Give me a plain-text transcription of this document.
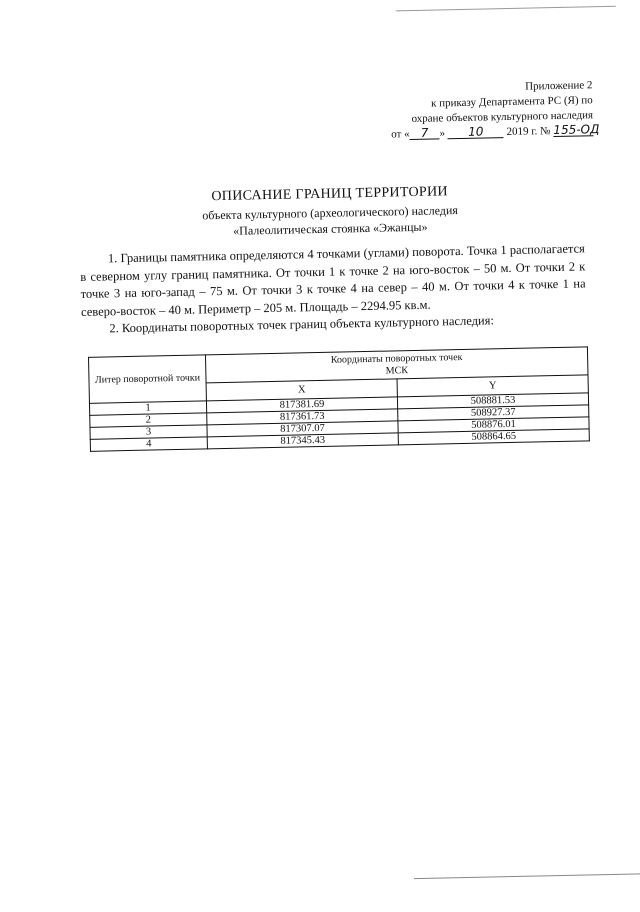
Приложение 2
к приказу Департамента РС (Я) по
охране объектов культурного наследия
от « 7 » 10 2019 г. № 155-ОД
ОПИСАНИЕ ГРАНИЦ ТЕРРИТОРИИ
объекта культурного (археологического) наследия
«Палеолитическая стоянка «Эжанцы»

1. Границы памятника определяются 4 точками (углами) поворота. Точка 1 располагается в северном углу границ памятника. От точки 1 к точке 2 на юго-восток – 50 м. От точки 2 к точке 3 на юго-запад – 75 м. От точки 3 к точке 4 на север – 40 м. От точки 4 к точке 1 на северо-восток – 40 м. Периметр – 205 м. Площадь – 2294.95 кв.м.

2. Координаты поворотных точек границ объекта культурного наследия:

Литер поворотной точки	Координаты поворотных точек
МСК	

	X	Y
1	817381.69	508881.53
2	817361.73	508927.37
3	817307.07	508876.01
4	817345.43	508864.65
